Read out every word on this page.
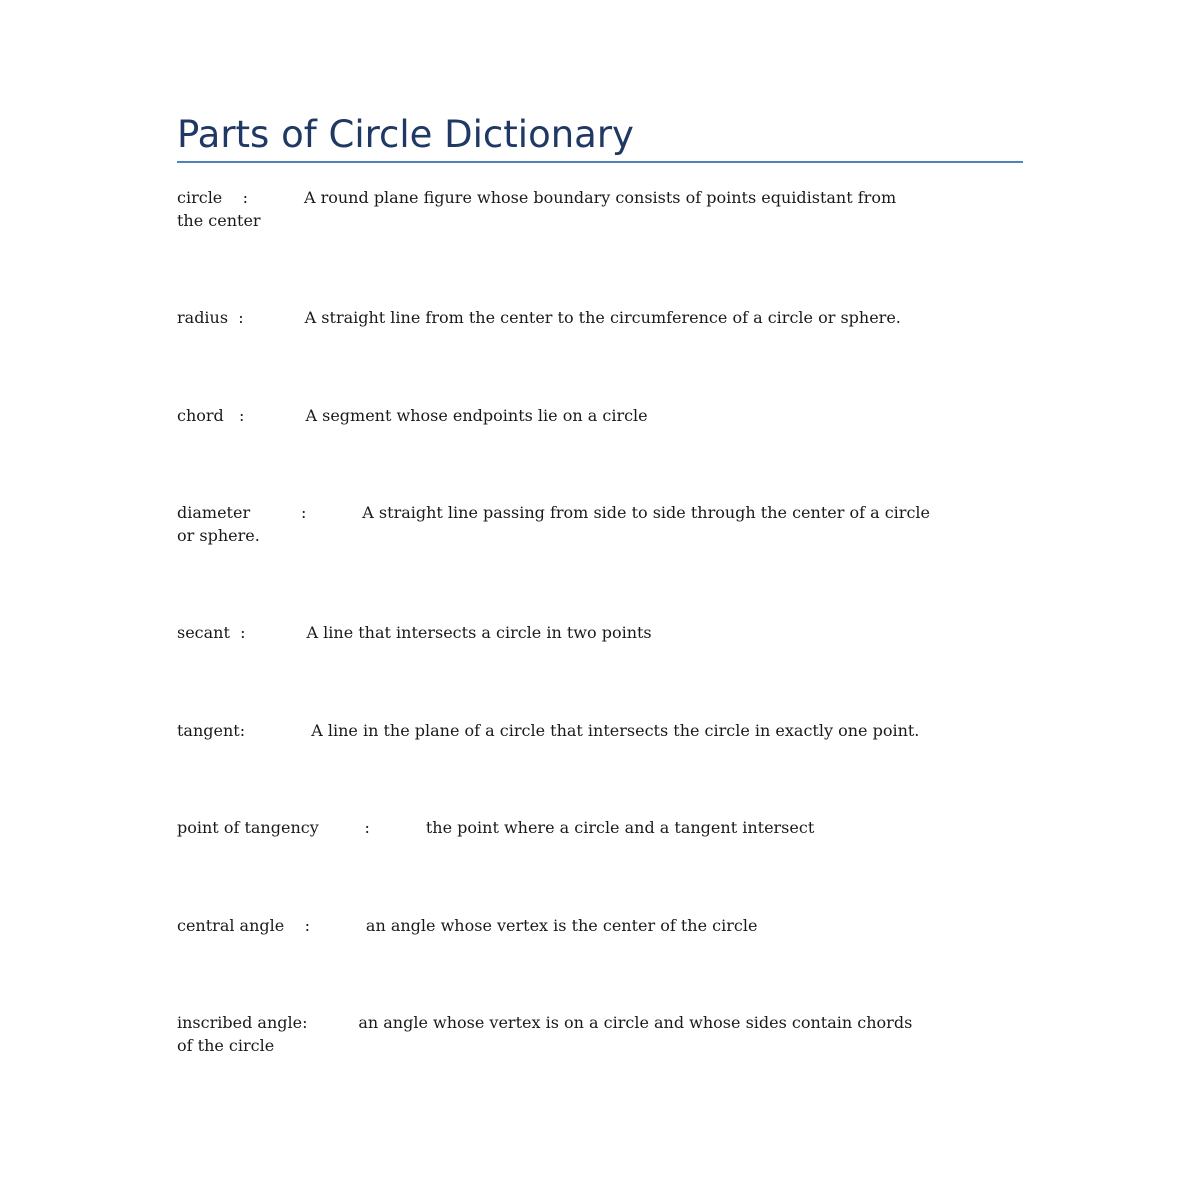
Parts of Circle Dictionary

circle    :           A round plane figure whose boundary consists of points equidistant from
the center

radius  :            A straight line from the center to the circumference of a circle or sphere.

chord   :            A segment whose endpoints lie on a circle

diameter          :           A straight line passing from side to side through the center of a circle
or sphere.

secant  :            A line that intersects a circle in two points

tangent:             A line in the plane of a circle that intersects the circle in exactly one point.

point of tangency         :           the point where a circle and a tangent intersect

central angle    :           an angle whose vertex is the center of the circle

inscribed angle:          an angle whose vertex is on a circle and whose sides contain chords
of the circle
